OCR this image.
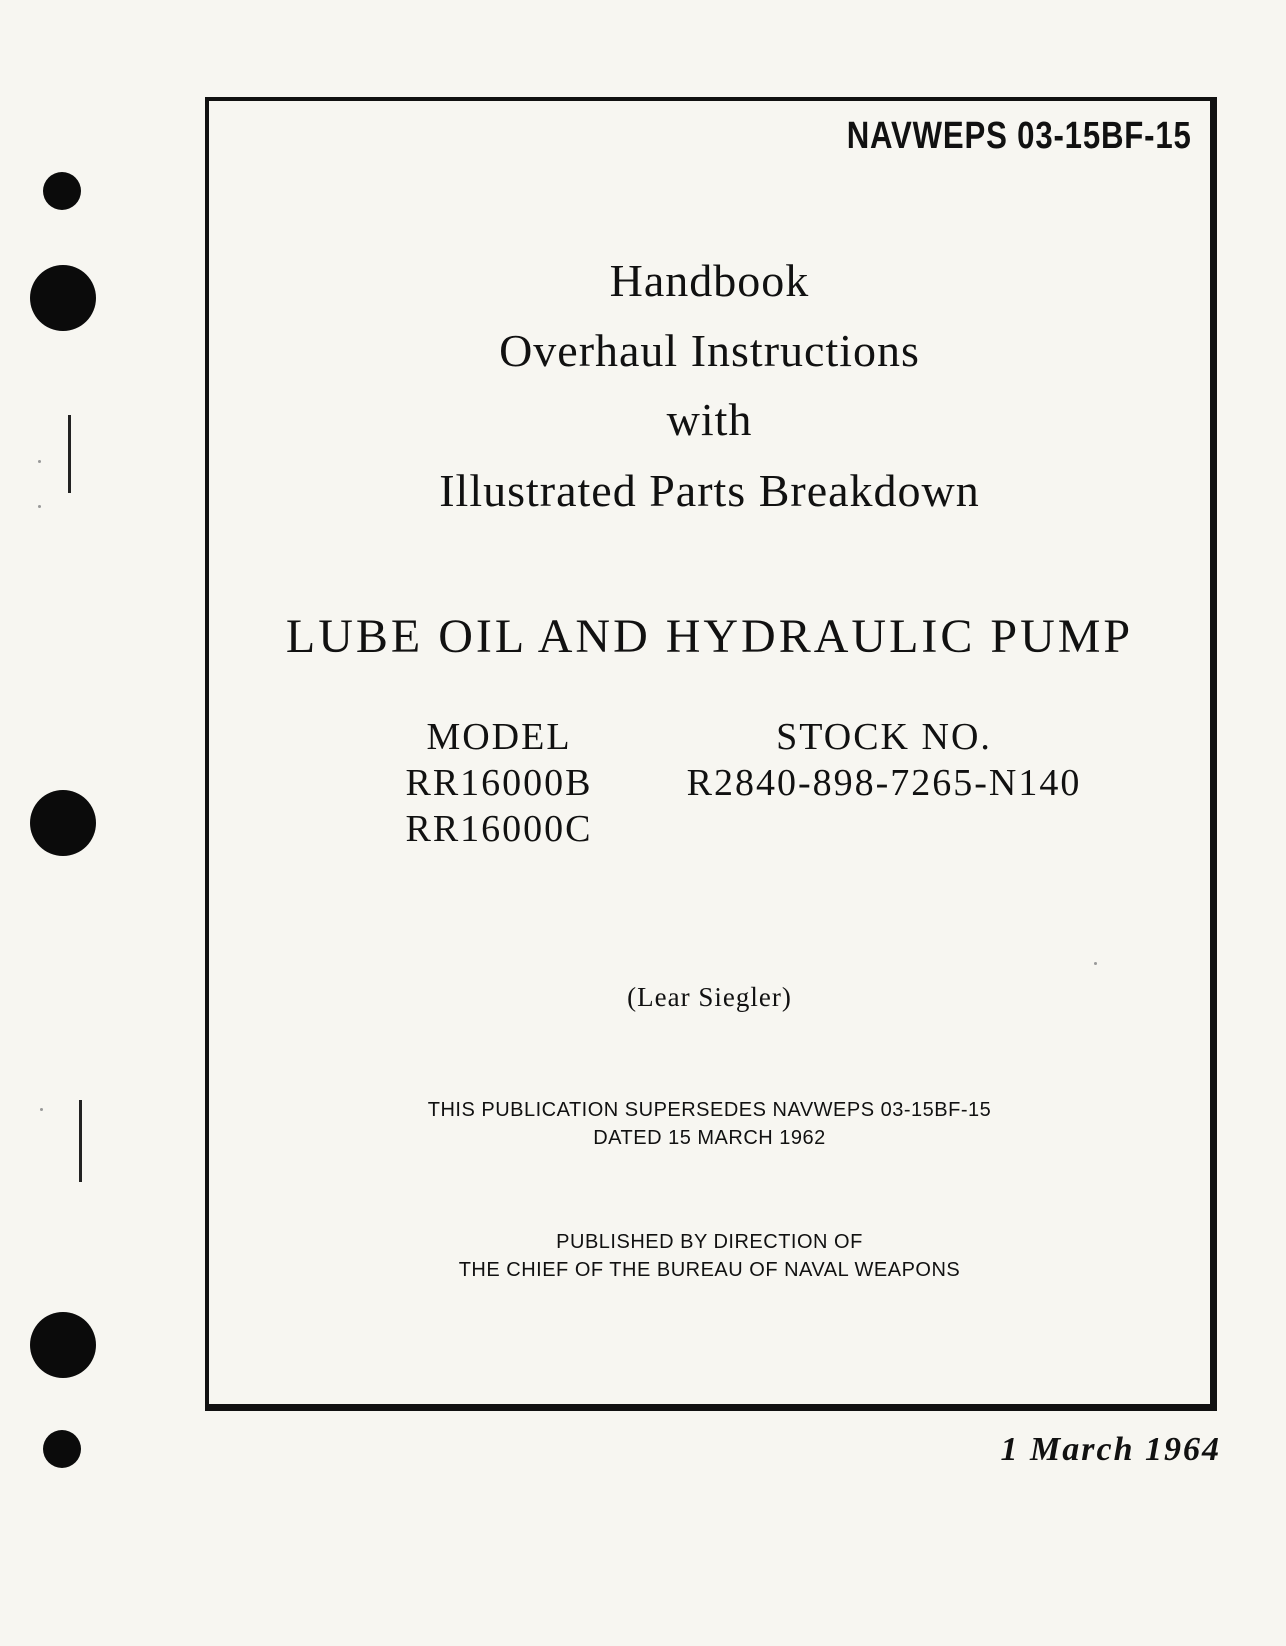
NAVWEPS 03-15BF-15
Handbook
Overhaul Instructions
with
Illustrated Parts Breakdown
LUBE OIL AND HYDRAULIC PUMP
MODEL
RR16000B
RR16000C
STOCK NO.
R2840-898-7265-N140
(Lear Siegler)
THIS PUBLICATION SUPERSEDES NAVWEPS 03-15BF-15
DATED 15 MARCH 1962
PUBLISHED BY DIRECTION OF
THE CHIEF OF THE BUREAU OF NAVAL WEAPONS
1 March 1964
